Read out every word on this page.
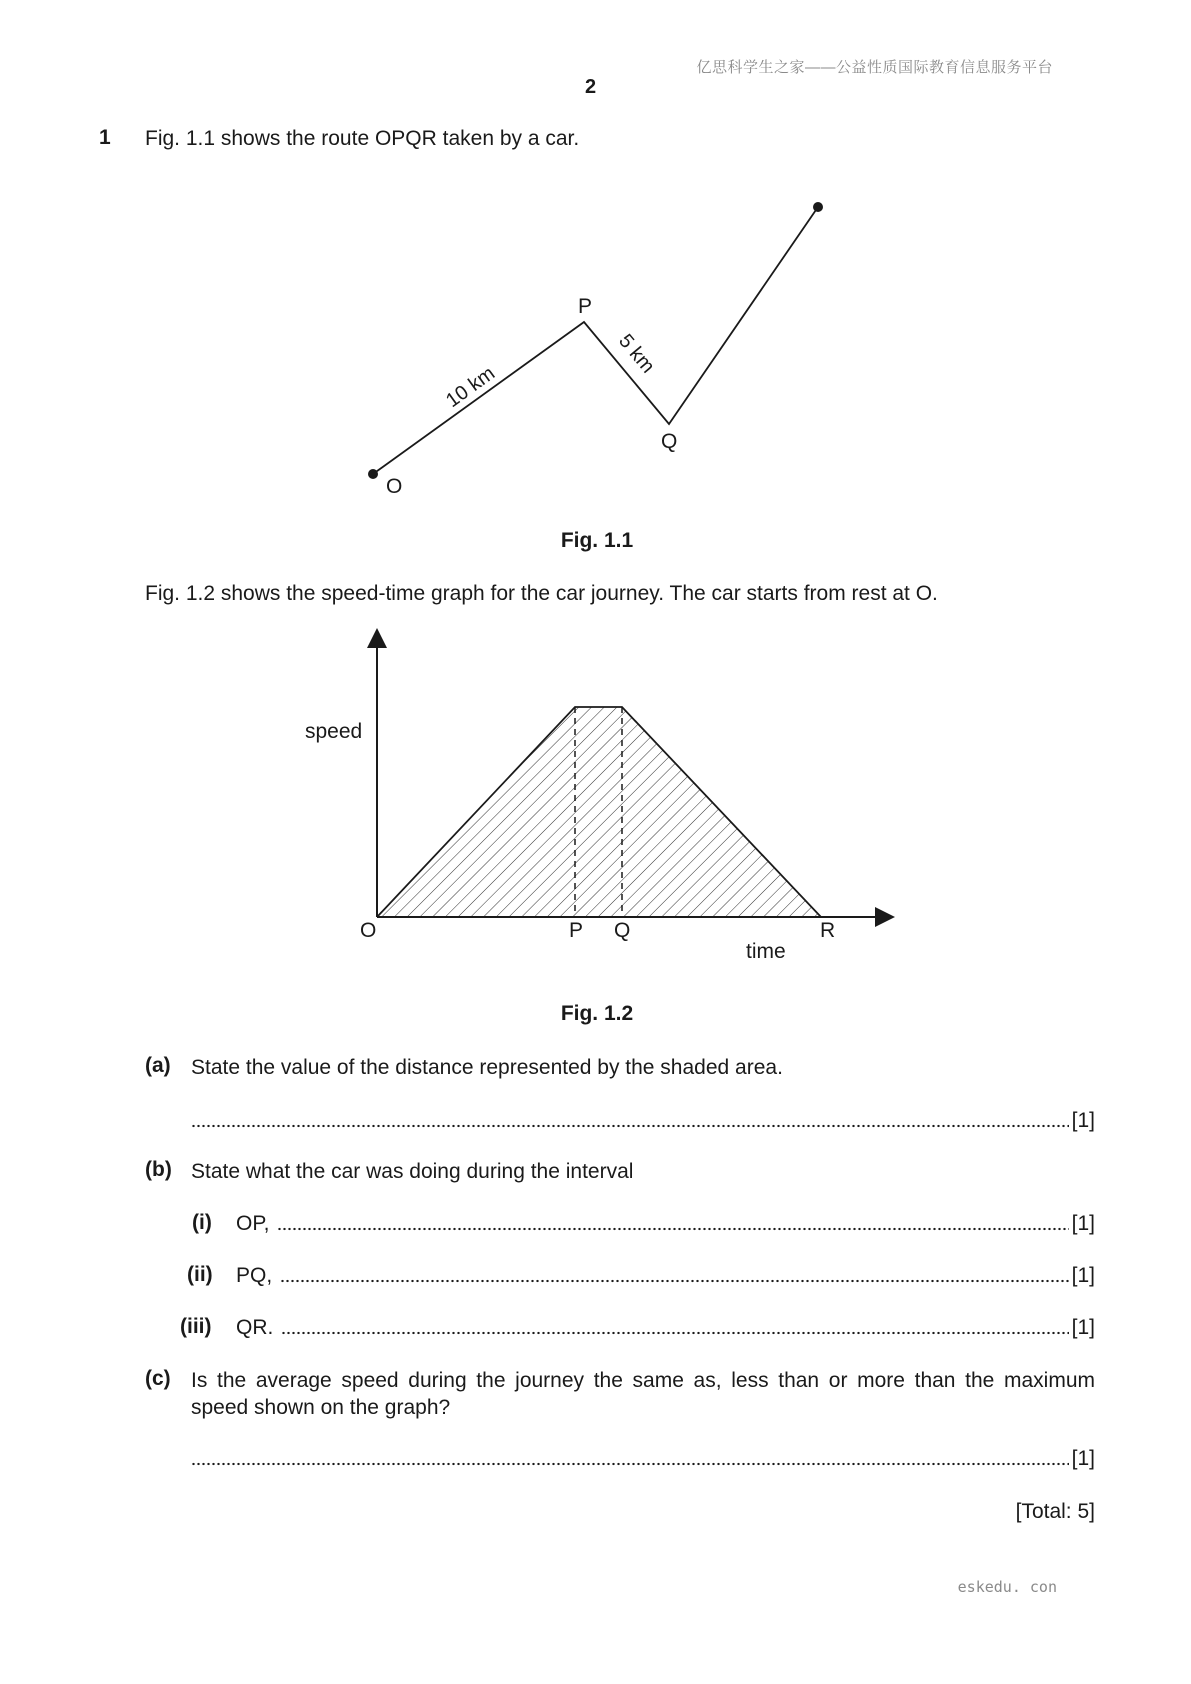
亿思科学生之家——公益性质国际教育信息服务平台
2
1 Fig. 1.1 shows the route OPQR taken by a car.
O
P
Q
10 km
5 km
Fig. 1.1
Fig. 1.2 shows the speed-time graph for the car journey. The car starts from rest at O.
speed
time
O	P Q	R
Fig. 1.2
(a) State the value of the distance represented by the shaded area.
[1]
(b) State what the car was doing during the interval
(i) OP,	[1]
(ii) PQ,	[1]
(iii) QR.	[1]
(c) Is the average speed during the journey the same as, less than or more than the maximum speed shown on the graph?
[1]
[Total: 5]
eskedu. con
